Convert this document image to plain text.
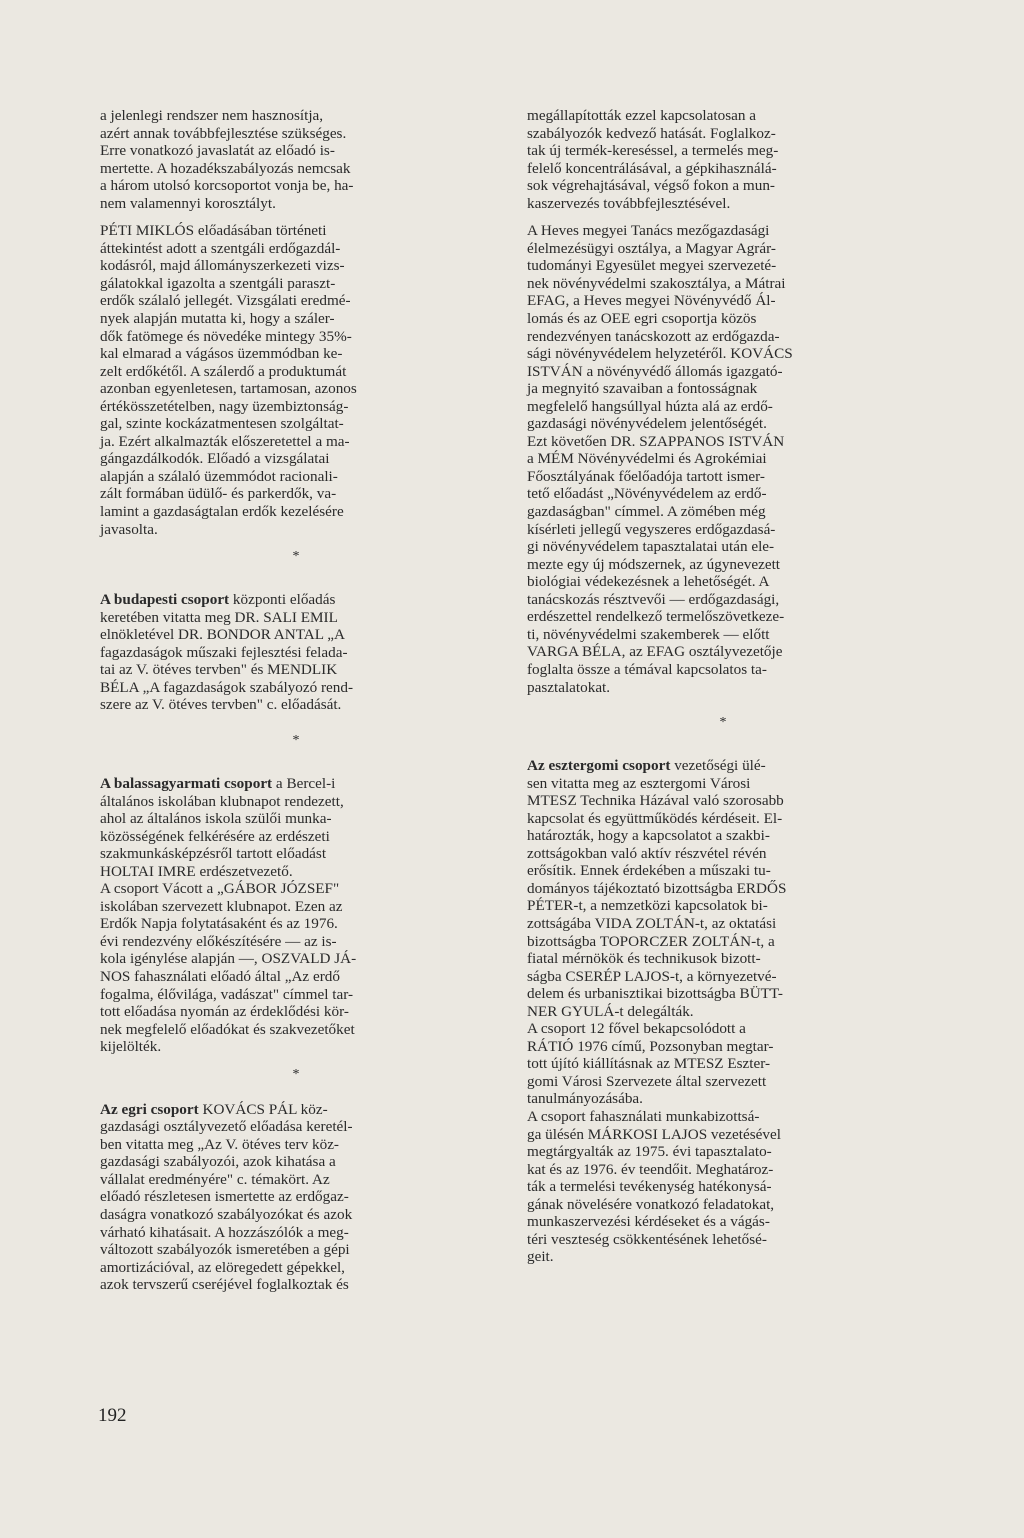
a jelenlegi rendszer nem hasznosítja,
azért annak továbbfejlesztése szükséges.
Erre vonatkozó javaslatát az előadó is-
mertette. A hozadékszabályozás nemcsak
a három utolsó korcsoportot vonja be, ha-
nem valamennyi korosztályt.

PÉTI MIKLÓS előadásában történeti
áttekintést adott a szentgáli erdőgazdál-
kodásról, majd állományszerkezeti vizs-
gálatokkal igazolta a szentgáli paraszt-
erdők szálaló jellegét. Vizsgálati eredmé-
nyek alapján mutatta ki, hogy a száler-
dők fatömege és növedéke mintegy 35%-
kal elmarad a vágásos üzemmódban ke-
zelt erdőkétől. A szálerdő a produktumát
azonban egyenletesen, tartamosan, azonos
értékösszetételben, nagy üzembiztonság-
gal, szinte kockázatmentesen szolgáltat-
ja. Ezért alkalmazták előszeretettel a ma-
gángazdálkodók. Előadó a vizsgálatai
alapján a szálaló üzemmódot racionali-
zált formában üdülő- és parkerdők, va-
lamint a gazdaságtalan erdők kezelésére
javasolta.

*

A budapesti csoport központi előadás
keretében vitatta meg DR. SALI EMIL
elnökletével DR. BONDOR ANTAL „A
fagazdaságok műszaki fejlesztési felada-
tai az V. ötéves tervben" és MENDLIK
BÉLA „A fagazdaságok szabályozó rend-
szere az V. ötéves tervben" c. előadását.

*

A balassagyarmati csoport a Bercel-i
általános iskolában klubnapot rendezett,
ahol az általános iskola szülői munka-
közösségének felkérésére az erdészeti
szakmunkásképzésről tartott előadást
HOLTAI IMRE erdészetvezető.

A csoport Vácott a „GÁBOR JÓZSEF"
iskolában szervezett klubnapot. Ezen az
Erdők Napja folytatásaként és az 1976.
évi rendezvény előkészítésére — az is-
kola igénylése alapján —, OSZVALD JÁ-
NOS fahasználati előadó által „Az erdő
fogalma, élővilága, vadászat" címmel tar-
tott előadása nyomán az érdeklődési kör-
nek megfelelő előadókat és szakvezetőket
kijelölték.

*

Az egri csoport KOVÁCS PÁL köz-
gazdasági osztályvezető előadása keretél-
ben vitatta meg „Az V. ötéves terv köz-
gazdasági szabályozói, azok kihatása a
vállalat eredményére" c. témakört. Az
előadó részletesen ismertette az erdőgaz-
daságra vonatkozó szabályozókat és azok
várható kihatásait. A hozzászólók a meg-
változott szabályozók ismeretében a gépi
amortizációval, az elöregedett gépekkel,
azok tervszerű cseréjével foglalkoztak és

megállapították ezzel kapcsolatosan a
szabályozók kedvező hatását. Foglalkoz-
tak új termék-kereséssel, a termelés meg-
felelő koncentrálásával, a gépkihasználá-
sok végrehajtásával, végső fokon a mun-
kaszervezés továbbfejlesztésével.

A Heves megyei Tanács mezőgazdasági
élelmezésügyi osztálya, a Magyar Agrár-
tudományi Egyesület megyei szervezeté-
nek növényvédelmi szakosztálya, a Mátrai
EFAG, a Heves megyei Növényvédő Ál-
lomás és az OEE egri csoportja közös
rendezvényen tanácskozott az erdőgazda-
sági növényvédelem helyzetéről. KOVÁCS
ISTVÁN a növényvédő állomás igazgató-
ja megnyitó szavaiban a fontosságnak
megfelelő hangsúllyal húzta alá az erdő-
gazdasági növényvédelem jelentőségét.
Ezt követően DR. SZAPPANOS ISTVÁN
a MÉM Növényvédelmi és Agrokémiai
Főosztályának főelőadója tartott ismer-
tető előadást „Növényvédelem az erdő-
gazdaságban" címmel. A zömében még
kísérleti jellegű vegyszeres erdőgazdasá-
gi növényvédelem tapasztalatai után ele-
mezte egy új módszernek, az úgynevezett
biológiai védekezésnek a lehetőségét. A
tanácskozás résztvevői — erdőgazdasági,
erdészettel rendelkező termelőszövetkeze-
ti, növényvédelmi szakemberek — előtt
VARGA BÉLA, az EFAG osztályvezetője
foglalta össze a témával kapcsolatos ta-
pasztalatokat.

*

Az esztergomi csoport vezetőségi ülé-
sen vitatta meg az esztergomi Városi
MTESZ Technika Házával való szorosabb
kapcsolat és együttműködés kérdéseit. El-
határozták, hogy a kapcsolatot a szakbi-
zottságokban való aktív részvétel révén
erősítik. Ennek érdekében a műszaki tu-
dományos tájékoztató bizottságba ERDŐS
PÉTER-t, a nemzetközi kapcsolatok bi-
zottságába VIDA ZOLTÁN-t, az oktatási
bizottságba TOPORCZER ZOLTÁN-t, a
fiatal mérnökök és technikusok bizott-
ságba CSERÉP LAJOS-t, a környezetvé-
delem és urbanisztikai bizottságba BÜTT-
NER GYULÁ-t delegálták.

A csoport 12 fővel bekapcsolódott a
RÁTIÓ 1976 című, Pozsonyban megtar-
tott újító kiállításnak az MTESZ Eszter-
gomi Városi Szervezete által szervezett
tanulmányozásába.

A csoport fahasználati munkabizottsá-
ga ülésén MÁRKOSI LAJOS vezetésével
megtárgyalták az 1975. évi tapasztalato-
kat és az 1976. év teendőit. Meghatároz-
ták a termelési tevékenység hatékonysá-
gának növelésére vonatkozó feladatokat,
munkaszervezési kérdéseket és a vágás-
téri veszteség csökkentésének lehetősé-
geit.

192
